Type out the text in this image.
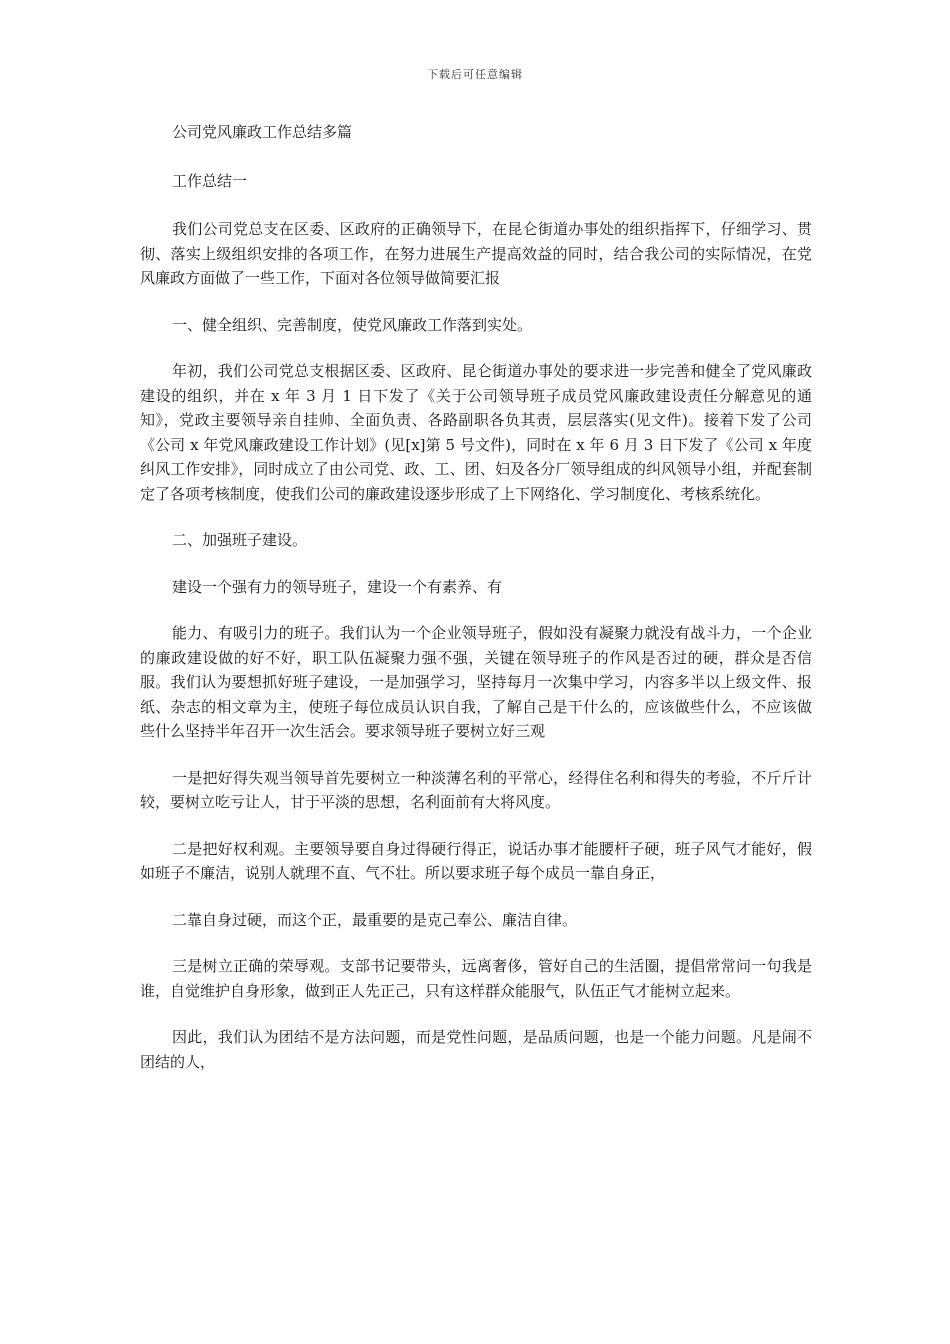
下载后可任意编辑

公司党风廉政工作总结多篇

工作总结一

我们公司党总支在区委、区政府的正确领导下，在昆仑街道办事处的组织指挥下，仔细学习、贯彻、落实上级组织安排的各项工作，在努力进展生产提高效益的同时，结合我公司的实际情况，在党风廉政方面做了一些工作，下面对各位领导做简要汇报

一、健全组织、完善制度，使党风廉政工作落到实处。

年初，我们公司党总支根据区委、区政府、昆仑街道办事处的要求进一步完善和健全了党风廉政建设的组织，并在 x 年 3 月 1 日下发了《关于公司领导班子成员党风廉政建设责任分解意见的通知》，党政主要领导亲自挂帅、全面负责、各路副职各负其责，层层落实(见文件)。接着下发了公司《公司 x 年党风廉政建设工作计划》(见[x]第 5 号文件)，同时在 x 年 6 月 3 日下发了《公司 x 年度纠风工作安排》，同时成立了由公司党、政、工、团、妇及各分厂领导组成的纠风领导小组，并配套制定了各项考核制度，使我们公司的廉政建设逐步形成了上下网络化、学习制度化、考核系统化。

二、加强班子建设。

建设一个强有力的领导班子，建设一个有素养、有

能力、有吸引力的班子。我们认为一个企业领导班子，假如没有凝聚力就没有战斗力，一个企业的廉政建设做的好不好，职工队伍凝聚力强不强，关键在领导班子的作风是否过的硬，群众是否信服。我们认为要想抓好班子建设，一是加强学习，坚持每月一次集中学习，内容多半以上级文件、报纸、杂志的相文章为主，使班子每位成员认识自我，了解自己是干什么的，应该做些什么，不应该做些什么坚持半年召开一次生活会。要求领导班子要树立好三观

一是把好得失观当领导首先要树立一种淡薄名利的平常心，经得住名利和得失的考验，不斤斤计较，要树立吃亏让人，甘于平淡的思想，名利面前有大将风度。

二是把好权利观。主要领导要自身过得硬行得正，说话办事才能腰杆子硬，班子风气才能好，假如班子不廉洁，说别人就理不直、气不壮。所以要求班子每个成员一靠自身正，

二靠自身过硬，而这个正，最重要的是克己奉公、廉洁自律。

三是树立正确的荣辱观。支部书记要带头，远离奢侈，管好自己的生活圈，提倡常常问一句我是谁，自觉维护自身形象，做到正人先正己，只有这样群众能服气，队伍正气才能树立起来。

因此，我们认为团结不是方法问题，而是党性问题，是品质问题，也是一个能力问题。凡是闹不团结的人，
